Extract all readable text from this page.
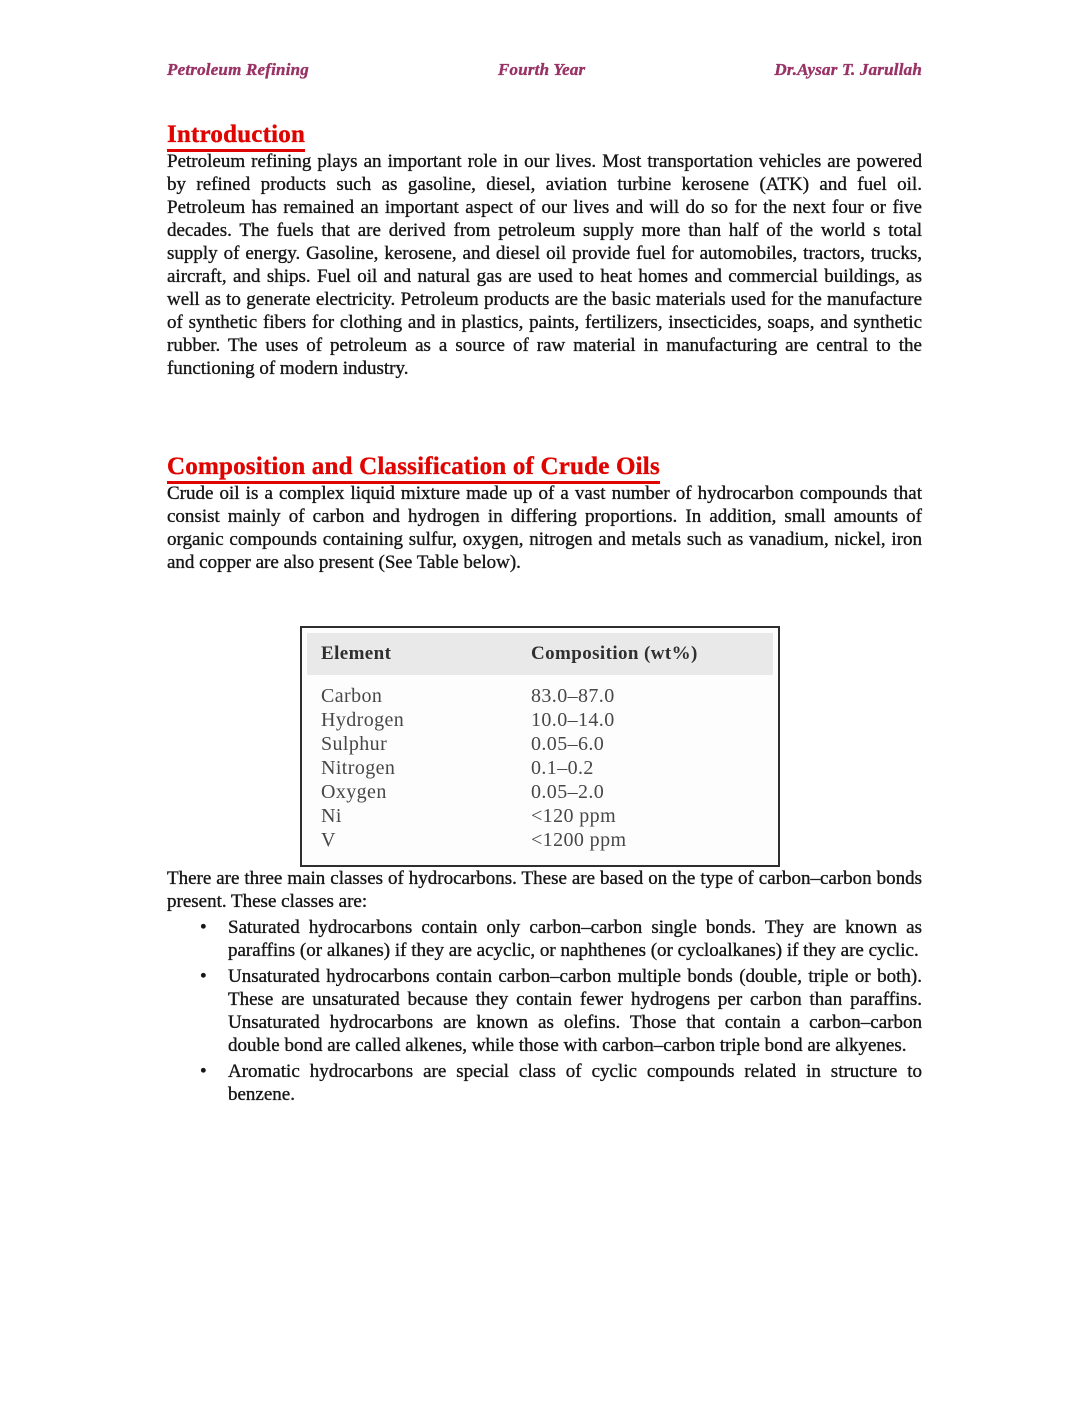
Petroleum Refining	Fourth Year	Dr.Aysar T. Jarullah
Introduction

Petroleum refining plays an important role in our lives. Most transportation vehicles are powered by refined products such as gasoline, diesel, aviation turbine kerosene (ATK) and fuel oil. Petroleum has remained an important aspect of our lives and will do so for the next four or five decades. The fuels that are derived from petroleum supply more than half of the world s total supply of energy. Gasoline, kerosene, and diesel oil provide fuel for automobiles, tractors, trucks, aircraft, and ships. Fuel oil and natural gas are used to heat homes and commercial buildings, as well as to generate electricity. Petroleum products are the basic materials used for the manufacture of synthetic fibers for clothing and in plastics, paints, fertilizers, insecticides, soaps, and synthetic rubber. The uses of petroleum as a source of raw material in manufacturing are central to the functioning of modern industry.

Composition and Classification of Crude Oils

Crude oil is a complex liquid mixture made up of a vast number of hydrocarbon compounds that consist mainly of carbon and hydrogen in differing proportions. In addition, small amounts of organic compounds containing sulfur, oxygen, nitrogen and metals such as vanadium, nickel, iron and copper are also present (See Table below).

Element	Composition (wt%)
Carbon	83.0–87.0
Hydrogen	10.0–14.0
Sulphur	0.05–6.0
Nitrogen	0.1–0.2
Oxygen	0.05–2.0
Ni	<120 ppm
V	<1200 ppm

There are three main classes of hydrocarbons. These are based on the type of carbon–carbon bonds present. These classes are:

• Saturated hydrocarbons contain only carbon–carbon single bonds. They are known as paraffins (or alkanes) if they are acyclic, or naphthenes (or cycloalkanes) if they are cyclic.
• Unsaturated hydrocarbons contain carbon–carbon multiple bonds (double, triple or both). These are unsaturated because they contain fewer hydrogens per carbon than paraffins. Unsaturated hydrocarbons are known as olefins. Those that contain a carbon–carbon double bond are called alkenes, while those with carbon–carbon triple bond are alkyenes.
• Aromatic hydrocarbons are special class of cyclic compounds related in structure to benzene.
